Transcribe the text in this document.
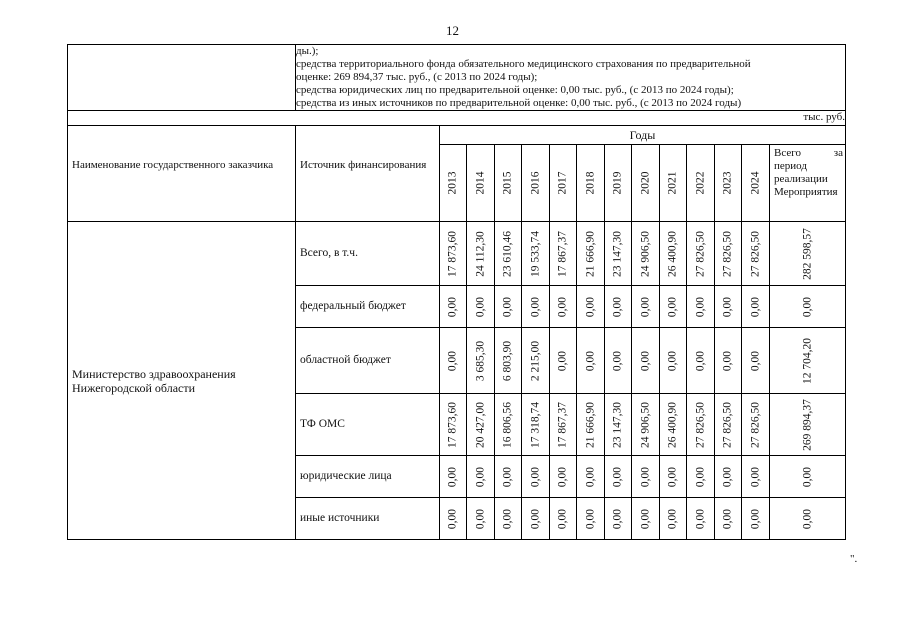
12

	ды.);
средства территориального фонда обязательного медицинского страхования по предварительной
оценке: 269 894,37 тыс. руб., (с 2013 по 2024 годы);
средства юридических лиц по предварительной оценке: 0,00 тыс. руб., (с 2013 по 2024 годы);
средства из иных источников по предварительной оценке: 0,00 тыс. руб., (с 2013 по 2024 годы)													

тыс. руб.														
Наименование государственного заказчика	Источник финансирования	Годы												

		2013	2014	2015	2016	2017	2018	2019	2020	2021	2022	2023	2024	Всего за период реализации Мероприятия
Министерство здравоохранения Нижегородской области	Всего, в т.ч.	17 873,60	24 112,30	23 610,46	19 533,74	17 867,37	21 666,90	23 147,30	24 906,50	26 400,90	27 826,50	27 826,50	27 826,50	282 598,57

	федеральный бюджет	0,00	0,00	0,00	0,00	0,00	0,00	0,00	0,00	0,00	0,00	0,00	0,00	0,00

	областной бюджет	0,00	3 685,30	6 803,90	2 215,00	0,00	0,00	0,00	0,00	0,00	0,00	0,00	0,00	12 704,20

	ТФ ОМС	17 873,60	20 427,00	16 806,56	17 318,74	17 867,37	21 666,90	23 147,30	24 906,50	26 400,90	27 826,50	27 826,50	27 826,50	269 894,37

	юридические лица	0,00	0,00	0,00	0,00	0,00	0,00	0,00	0,00	0,00	0,00	0,00	0,00	0,00

	иные источники	0,00	0,00	0,00	0,00	0,00	0,00	0,00	0,00	0,00	0,00	0,00	0,00	0,00
".
